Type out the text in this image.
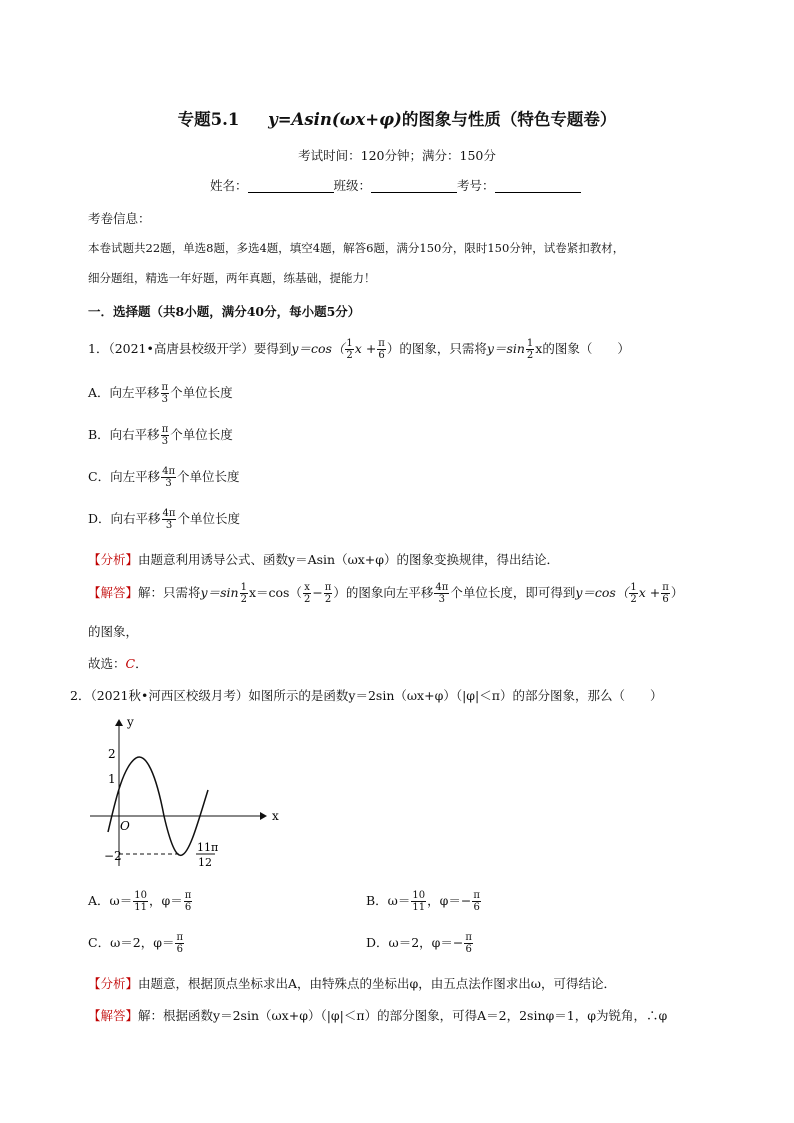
专题5.1 y=Asin(ωx+φ)的图象与性质（特色专题卷）
考试时间：120分钟；满分：150分
姓名：	班级：	考号：
考卷信息：
本卷试题共22题，单选8题，多选4题，填空4题，解答6题，满分150分，限时150分钟，试卷紧扣教材，
细分题组，精选一年好题，两年真题，练基础，提能力！
一．选择题（共8小题，满分40分，每小题5分）
1．（2021•高唐县校级开学）要得到$y=\cos( \frac{1}{2}$ $x + \frac{\pi}{6}$ ）的图象，只需将$y=\sin \frac{1}{2}$ x的图象（　　）
A．向左平移 $\frac{\pi}{3}$ 个单位长度
B．向右平移 $\frac{\pi}{3}$ 个单位长度
C．向左平移 $\frac{4\pi}{3}$ 个单位长度
D．向右平移 $\frac{4\pi}{3}$ 个单位长度
【分析】由题意利用诱导公式、函数y＝Asin（ωx+φ）的图象变换规律，得出结论．
【解答】解：只需将$y=\sin \frac{1}{2} x=\cos( \frac{x}{2} - \frac{\pi}{2}$ ）的图象向左平移 $\frac{4\pi}{3}$ 个单位长度，即可得到$y=\cos( \frac{1}{2}$ $x + \frac{\pi}{6}$ ）
的图象，
故选：C．
2．（2021秋•河西区校级月考）如图所示的是函数y＝2sin（ωx+φ）（|φ|＜π）的部分图象，那么（　　）
y
x
O
2
1
−2
11π
12
A．$\omega= \frac{10}{11}$ ，$\varphi= \frac{\pi}{6}$	B．$\omega= \frac{10}{11}$ ，$\varphi=- \frac{\pi}{6}$
C．ω＝2，$\varphi= \frac{\pi}{6}$	D．ω＝2，$\varphi=- \frac{\pi}{6}$
【分析】由题意，根据顶点坐标求出A，由特殊点的坐标出φ，由五点法作图求出ω，可得结论．
【解答】解：根据函数y＝2sin（ωx+φ）（|φ|＜π）的部分图象，可得A＝2，2sinφ＝1，φ为锐角，∴φ
